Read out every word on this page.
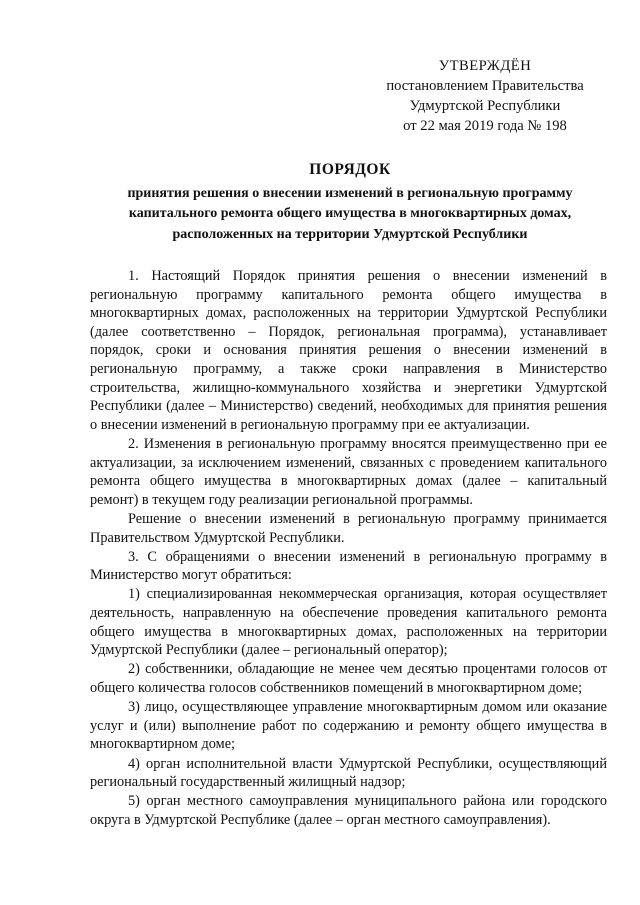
УТВЕРЖДЁН
постановлением Правительства
Удмуртской Республики
от 22 мая 2019 года № 198
ПОРЯДОК
принятия решения о внесении изменений в региональную программу
капитального ремонта общего имущества в многоквартирных домах,
расположенных на территории Удмуртской Республики

1. Настоящий Порядок принятия решения о внесении изменений в региональную программу капитального ремонта общего имущества в многоквартирных домах, расположенных на территории Удмуртской Республики (далее соответственно – Порядок, региональная программа), устанавливает порядок, сроки и основания принятия решения о внесении изменений в региональную программу, а также сроки направления в Министерство строительства, жилищно-коммунального хозяйства и энергетики Удмуртской Республики (далее – Министерство) сведений, необходимых для принятия решения о внесении изменений в региональную программу при ее актуализации.

2. Изменения в региональную программу вносятся преимущественно при ее актуализации, за исключением изменений, связанных с проведением капитального ремонта общего имущества в многоквартирных домах (далее – капитальный ремонт) в текущем году реализации региональной программы.

Решение о внесении изменений в региональную программу принимается Правительством Удмуртской Республики.

3. С обращениями о внесении изменений в региональную программу в Министерство могут обратиться:

1) специализированная некоммерческая организация, которая осуществляет деятельность, направленную на обеспечение проведения капитального ремонта общего имущества в многоквартирных домах, расположенных на территории Удмуртской Республики (далее – региональный оператор);

2) собственники, обладающие не менее чем десятью процентами голосов от общего количества голосов собственников помещений в многоквартирном доме;

3) лицо, осуществляющее управление многоквартирным домом или оказание услуг и (или) выполнение работ по содержанию и ремонту общего имущества в многоквартирном доме;

4) орган исполнительной власти Удмуртской Республики, осуществляющий региональный государственный жилищный надзор;

5) орган местного самоуправления муниципального района или городского округа в Удмуртской Республике (далее – орган местного самоуправления).
